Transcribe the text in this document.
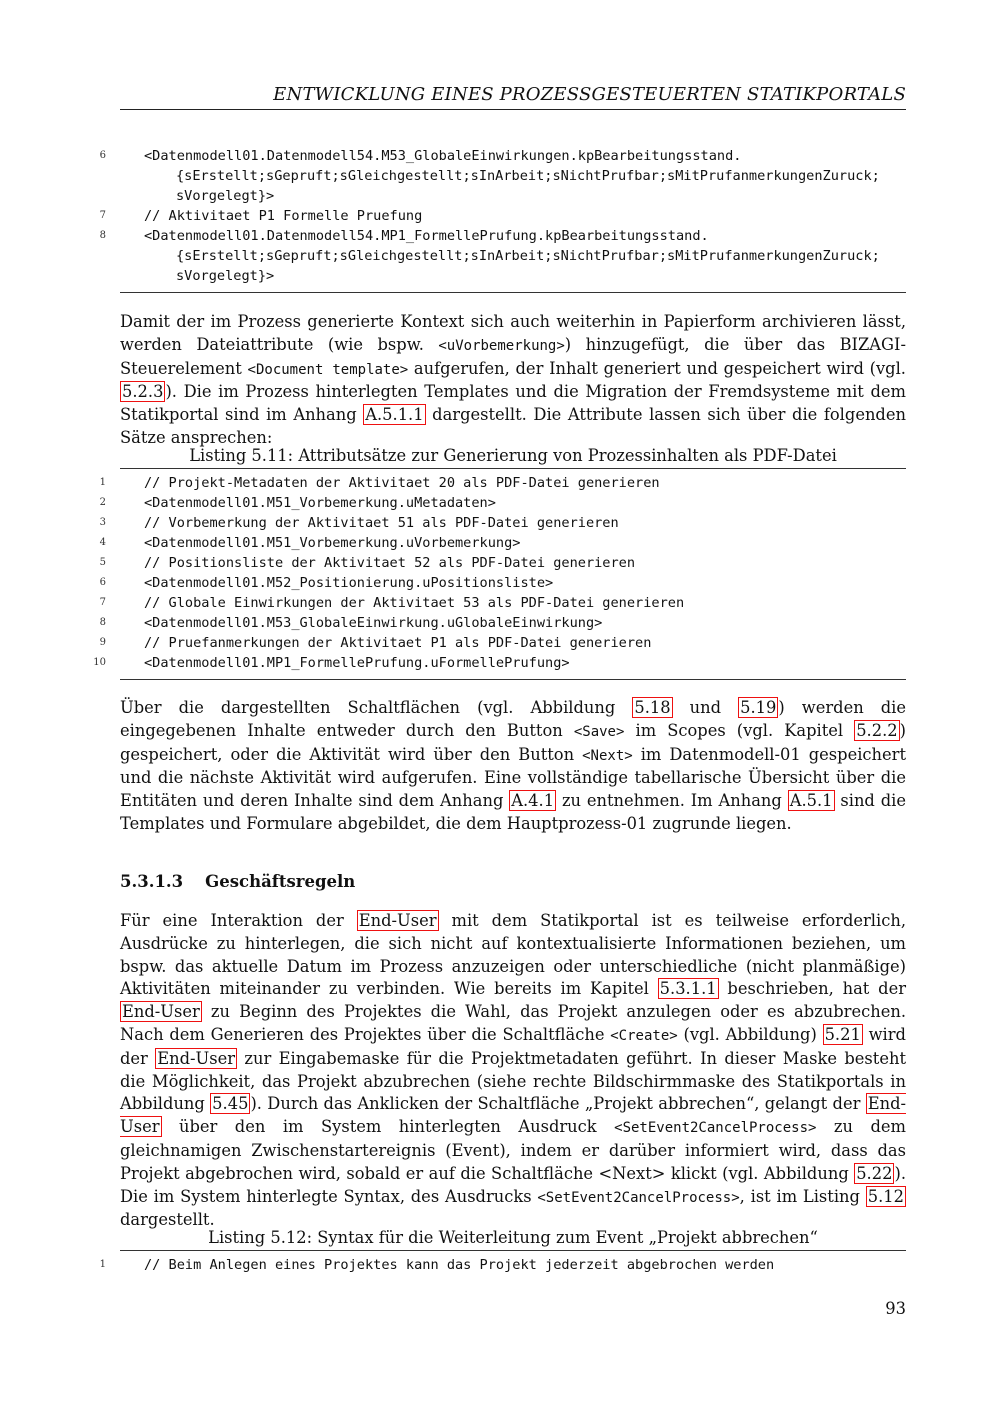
ENTWICKLUNG EINES PROZESSGESTEUERTEN STATIKPORTALS
6	<Datenmodell01.Datenmodell54.M53_GlobaleEinwirkungen.kpBearbeitungsstand.
{sErstellt;sGepruft;sGleichgestellt;sInArbeit;sNichtPrufbar;sMitPrufanmerkungenZuruck;
sVorgelegt}>
7	// Aktivitaet P1 Formelle Pruefung
8	<Datenmodell01.Datenmodell54.MP1_FormellePrufung.kpBearbeitungsstand.
{sErstellt;sGepruft;sGleichgestellt;sInArbeit;sNichtPrufbar;sMitPrufanmerkungenZuruck;
sVorgelegt}>
Damit der im Prozess generierte Kontext sich auch weiterhin in Papierform archivieren lässt, werden Dateiattribute (wie bspw. <uVorbemerkung>) hinzugefügt, die über das BIZAGI-Steuerelement <Document template> aufgerufen, der Inhalt generiert und gespeichert wird (vgl. 5.2.3 ). Die im Prozess hinterlegten Templates und die Migration der Fremdsysteme mit dem Statikportal sind im Anhang A.5.1.1 dargestellt. Die Attribute lassen sich über die folgenden Sätze ansprechen:
Listing 5.11: Attributsätze zur Generierung von Prozessinhalten als PDF-Datei
1	// Projekt-Metadaten der Aktivitaet 20 als PDF-Datei generieren
2	<Datenmodell01.M51_Vorbemerkung.uMetadaten>
3	// Vorbemerkung der Aktivitaet 51 als PDF-Datei generieren
4	<Datenmodell01.M51_Vorbemerkung.uVorbemerkung>
5	// Positionsliste der Aktivitaet 52 als PDF-Datei generieren
6	<Datenmodell01.M52_Positionierung.uPositionsliste>
7	// Globale Einwirkungen der Aktivitaet 53 als PDF-Datei generieren
8	<Datenmodell01.M53_GlobaleEinwirkung.uGlobaleEinwirkung>
9	// Pruefanmerkungen der Aktivitaet P1 als PDF-Datei generieren
10	<Datenmodell01.MP1_FormellePrufung.uFormellePrufung>
Über die dargestellten Schaltflächen (vgl. Abbildung 5.18 und 5.19 ) werden die eingegebenen Inhalte entweder durch den Button <Save> im Scopes (vgl. Kapitel 5.2.2 ) gespeichert, oder die Aktivität wird über den Button <Next> im Datenmodell-01 gespeichert und die nächste Aktivität wird aufgerufen. Eine vollständige tabellarische Übersicht über die Entitäten und deren Inhalte sind dem Anhang A.4.1 zu entnehmen. Im Anhang A.5.1 sind die Templates und Formulare abgebildet, die dem Hauptprozess-01 zugrunde liegen.
5.3.1.3 Geschäftsregeln
Für eine Interaktion der End-User mit dem Statikportal ist es teilweise erforderlich, Ausdrücke zu hinterlegen, die sich nicht auf kontextualisierte Informationen beziehen, um bspw. das aktuelle Datum im Prozess anzuzeigen oder unterschiedliche (nicht planmäßige) Aktivitäten miteinander zu verbinden. Wie bereits im Kapitel 5.3.1.1 beschrieben, hat der End-User zu Beginn des Projektes die Wahl, das Projekt anzulegen oder es abzubrechen. Nach dem Generieren des Projektes über die Schaltfläche <Create> (vgl. Abbildung) 5.21 wird der End-User zur Eingabemaske für die Projektmetadaten geführt. In dieser Maske besteht die Möglichkeit, das Projekt abzubrechen (siehe rechte Bildschirmmaske des Statikportals in Abbildung 5.45 ). Durch das Anklicken der Schaltfläche „Projekt abbrechen“, gelangt der End-User über den im System hinterlegten Ausdruck <SetEvent2CancelProcess> zu dem gleichnamigen Zwischenstartereignis (Event), indem er darüber informiert wird, dass das Projekt abgebrochen wird, sobald er auf die Schaltfläche <Next> klickt (vgl. Abbildung 5.22 ). Die im System hinterlegte Syntax, des Ausdrucks <SetEvent2CancelProcess>, ist im Listing 5.12 dargestellt.
Listing 5.12: Syntax für die Weiterleitung zum Event „Projekt abbrechen“
1	// Beim Anlegen eines Projektes kann das Projekt jederzeit abgebrochen werden
93
